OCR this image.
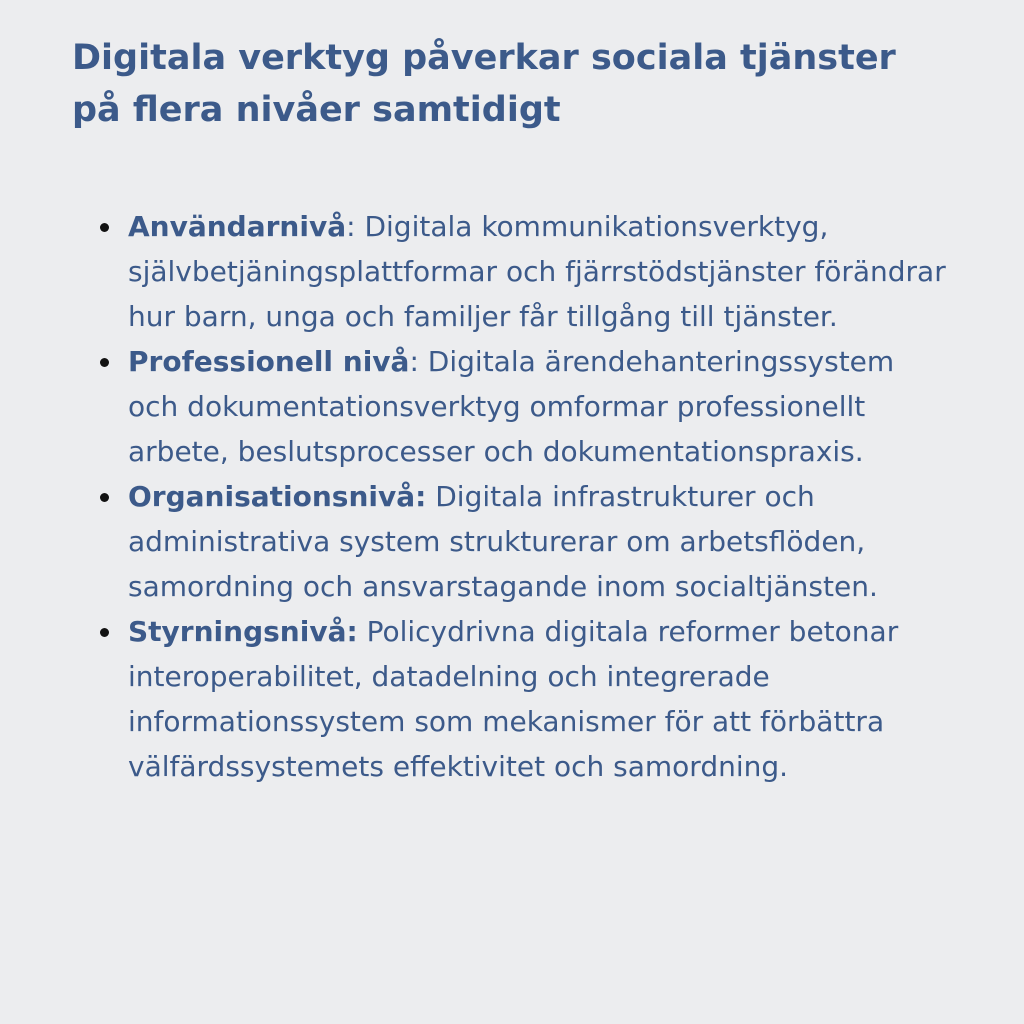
Digitala verktyg påverkar sociala tjänster på flera nivåer samtidigt
Användarnivå: Digitala kommunikationsverktyg, självbetjäningsplattformar och fjärrstödstjänster förändrar hur barn, unga och familjer får tillgång till tjänster.
Professionell nivå: Digitala ärendehanteringssystem och dokumentationsverktyg omformar professionellt arbete, beslutsprocesser och dokumentationspraxis.
Organisationsnivå: Digitala infrastrukturer och administrativa system strukturerar om arbetsflöden, samordning och ansvarstagande inom socialtjänsten.
Styrningsnivå: Policydrivna digitala reformer betonar interoperabilitet, datadelning och integrerade informationssystem som mekanismer för att förbättra välfärdssystemets effektivitet och samordning.
